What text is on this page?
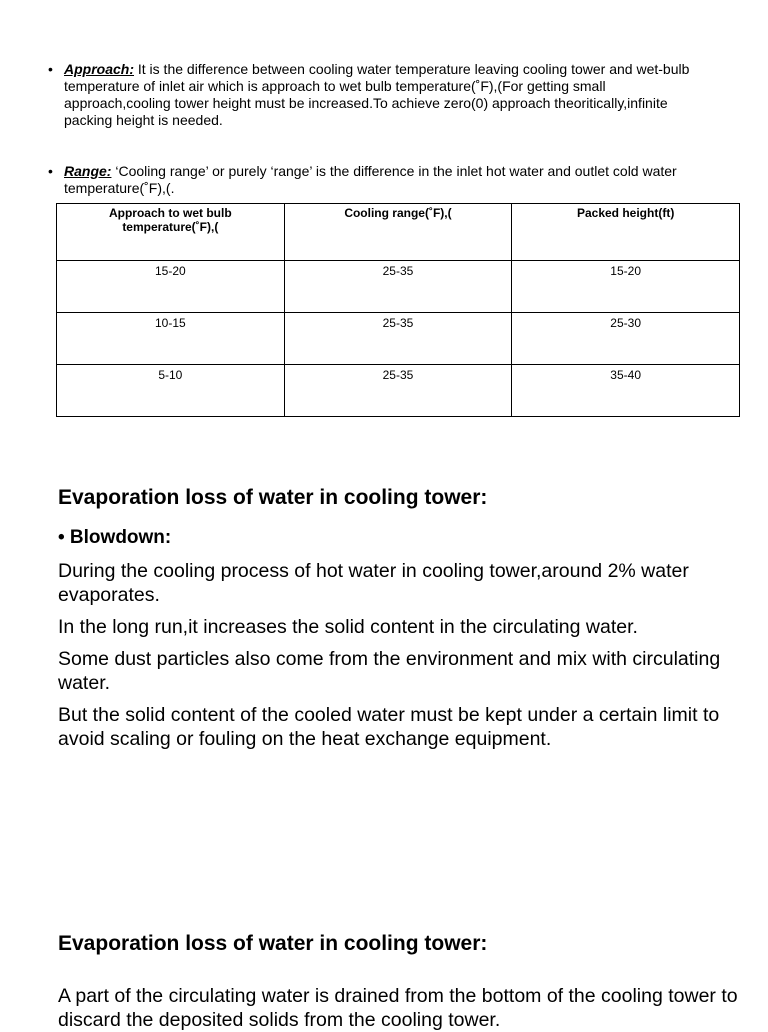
• Approach: It is the difference between cooling water temperature leaving cooling tower and wet-bulb temperature of inlet air which is approach to wet bulb temperature(˚F),(For getting small approach,cooling tower height must be increased.To achieve zero(0) approach theoritically,infinite packing height is needed.
• Range: ‘Cooling range’ or purely ‘range’ is the difference in the inlet hot water and outlet cold water temperature(˚F),(.
Approach to wet bulb temperature(˚F),(	Cooling range(˚F),(	Packed height(ft)
15-20	25-35	15-20
10-15	25-35	25-30
5-10	25-35	35-40
Evaporation loss of water in cooling tower:
• Blowdown:

During the cooling process of hot water in cooling tower,around 2% water evaporates.

In the long run,it increases the solid content in the circulating water.

Some dust particles also come from the environment and mix with circulating water.

But the solid content of the cooled water must be kept under a certain limit to avoid scaling or fouling on the heat exchange equipment.

Evaporation loss of water in cooling tower:

A part of the circulating water is drained from the bottom of the cooling tower to discard the deposited solids from the cooling tower.
